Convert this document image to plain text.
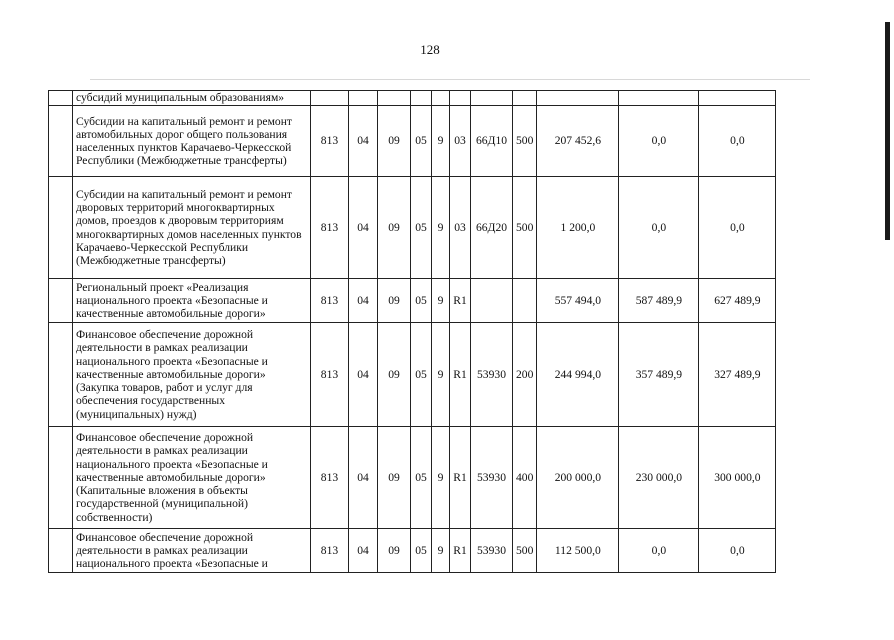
128
	субсидий муниципальным образованиям»											
	Субсидии на капитальный ремонт и ремонт автомобильных дорог общего пользования населенных пунктов Карачаево-Черкесской Республики (Межбюджетные трансферты)	813	04	09	05	9	03	66Д10	500	207 452,6	0,0	0,0
	Субсидии на капитальный ремонт и ремонт дворовых территорий многоквартирных домов, проездов к дворовым территориям многоквартирных домов населенных пунктов Карачаево-Черкесской Республики (Межбюджетные трансферты)	813	04	09	05	9	03	66Д20	500	1 200,0	0,0	0,0
	Региональный проект «Реализация национального проекта «Безопасные и качественные автомобильные дороги»	813	04	09	05	9	R1			557 494,0	587 489,9	627 489,9
	Финансовое обеспечение дорожной деятельности в рамках реализации национального проекта «Безопасные и качественные автомобильные дороги» (Закупка товаров, работ и услуг для обеспечения государственных (муниципальных) нужд)	813	04	09	05	9	R1	53930	200	244 994,0	357 489,9	327 489,9
	Финансовое обеспечение дорожной деятельности в рамках реализации национального проекта «Безопасные и качественные автомобильные дороги» (Капитальные вложения в объекты государственной (муниципальной) собственности)	813	04	09	05	9	R1	53930	400	200 000,0	230 000,0	300 000,0
	Финансовое обеспечение дорожной деятельности в рамках реализации национального проекта «Безопасные и	813	04	09	05	9	R1	53930	500	112 500,0	0,0	0,0
